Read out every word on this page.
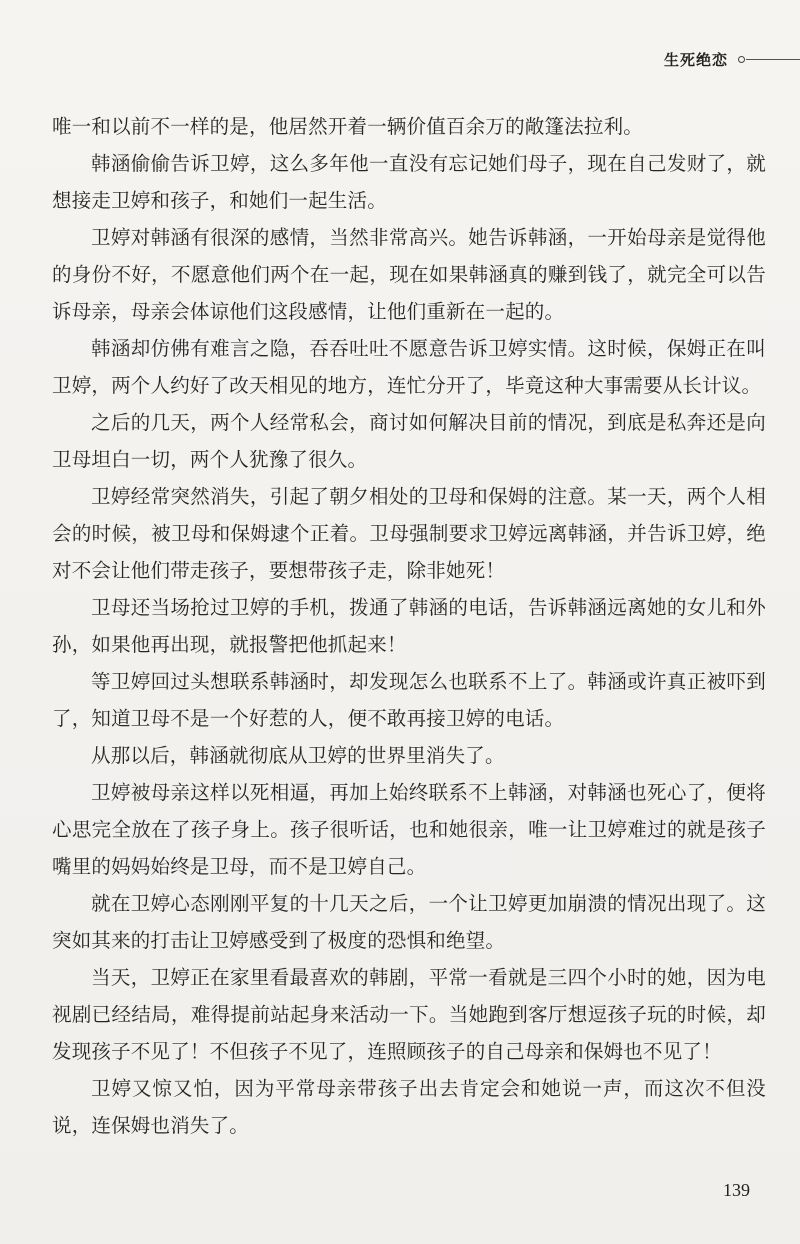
生死绝恋

唯一和以前不一样的是，他居然开着一辆价值百余万的敞篷法拉利。

韩涵偷偷告诉卫婷，这么多年他一直没有忘记她们母子，现在自己发财了，就想接走卫婷和孩子，和她们一起生活。

卫婷对韩涵有很深的感情，当然非常高兴。她告诉韩涵，一开始母亲是觉得他的身份不好，不愿意他们两个在一起，现在如果韩涵真的赚到钱了，就完全可以告诉母亲，母亲会体谅他们这段感情，让他们重新在一起的。

韩涵却仿佛有难言之隐，吞吞吐吐不愿意告诉卫婷实情。这时候，保姆正在叫卫婷，两个人约好了改天相见的地方，连忙分开了，毕竟这种大事需要从长计议。

之后的几天，两个人经常私会，商讨如何解决目前的情况，到底是私奔还是向卫母坦白一切，两个人犹豫了很久。

卫婷经常突然消失，引起了朝夕相处的卫母和保姆的注意。某一天，两个人相会的时候，被卫母和保姆逮个正着。卫母强制要求卫婷远离韩涵，并告诉卫婷，绝对不会让他们带走孩子，要想带孩子走，除非她死！

卫母还当场抢过卫婷的手机，拨通了韩涵的电话，告诉韩涵远离她的女儿和外孙，如果他再出现，就报警把他抓起来！

等卫婷回过头想联系韩涵时，却发现怎么也联系不上了。韩涵或许真正被吓到了，知道卫母不是一个好惹的人，便不敢再接卫婷的电话。

从那以后，韩涵就彻底从卫婷的世界里消失了。

卫婷被母亲这样以死相逼，再加上始终联系不上韩涵，对韩涵也死心了，便将心思完全放在了孩子身上。孩子很听话，也和她很亲，唯一让卫婷难过的就是孩子嘴里的妈妈始终是卫母，而不是卫婷自己。

就在卫婷心态刚刚平复的十几天之后，一个让卫婷更加崩溃的情况出现了。这突如其来的打击让卫婷感受到了极度的恐惧和绝望。

当天，卫婷正在家里看最喜欢的韩剧，平常一看就是三四个小时的她，因为电视剧已经结局，难得提前站起身来活动一下。当她跑到客厅想逗孩子玩的时候，却发现孩子不见了！不但孩子不见了，连照顾孩子的自己母亲和保姆也不见了！

卫婷又惊又怕，因为平常母亲带孩子出去肯定会和她说一声，而这次不但没说，连保姆也消失了。

139
